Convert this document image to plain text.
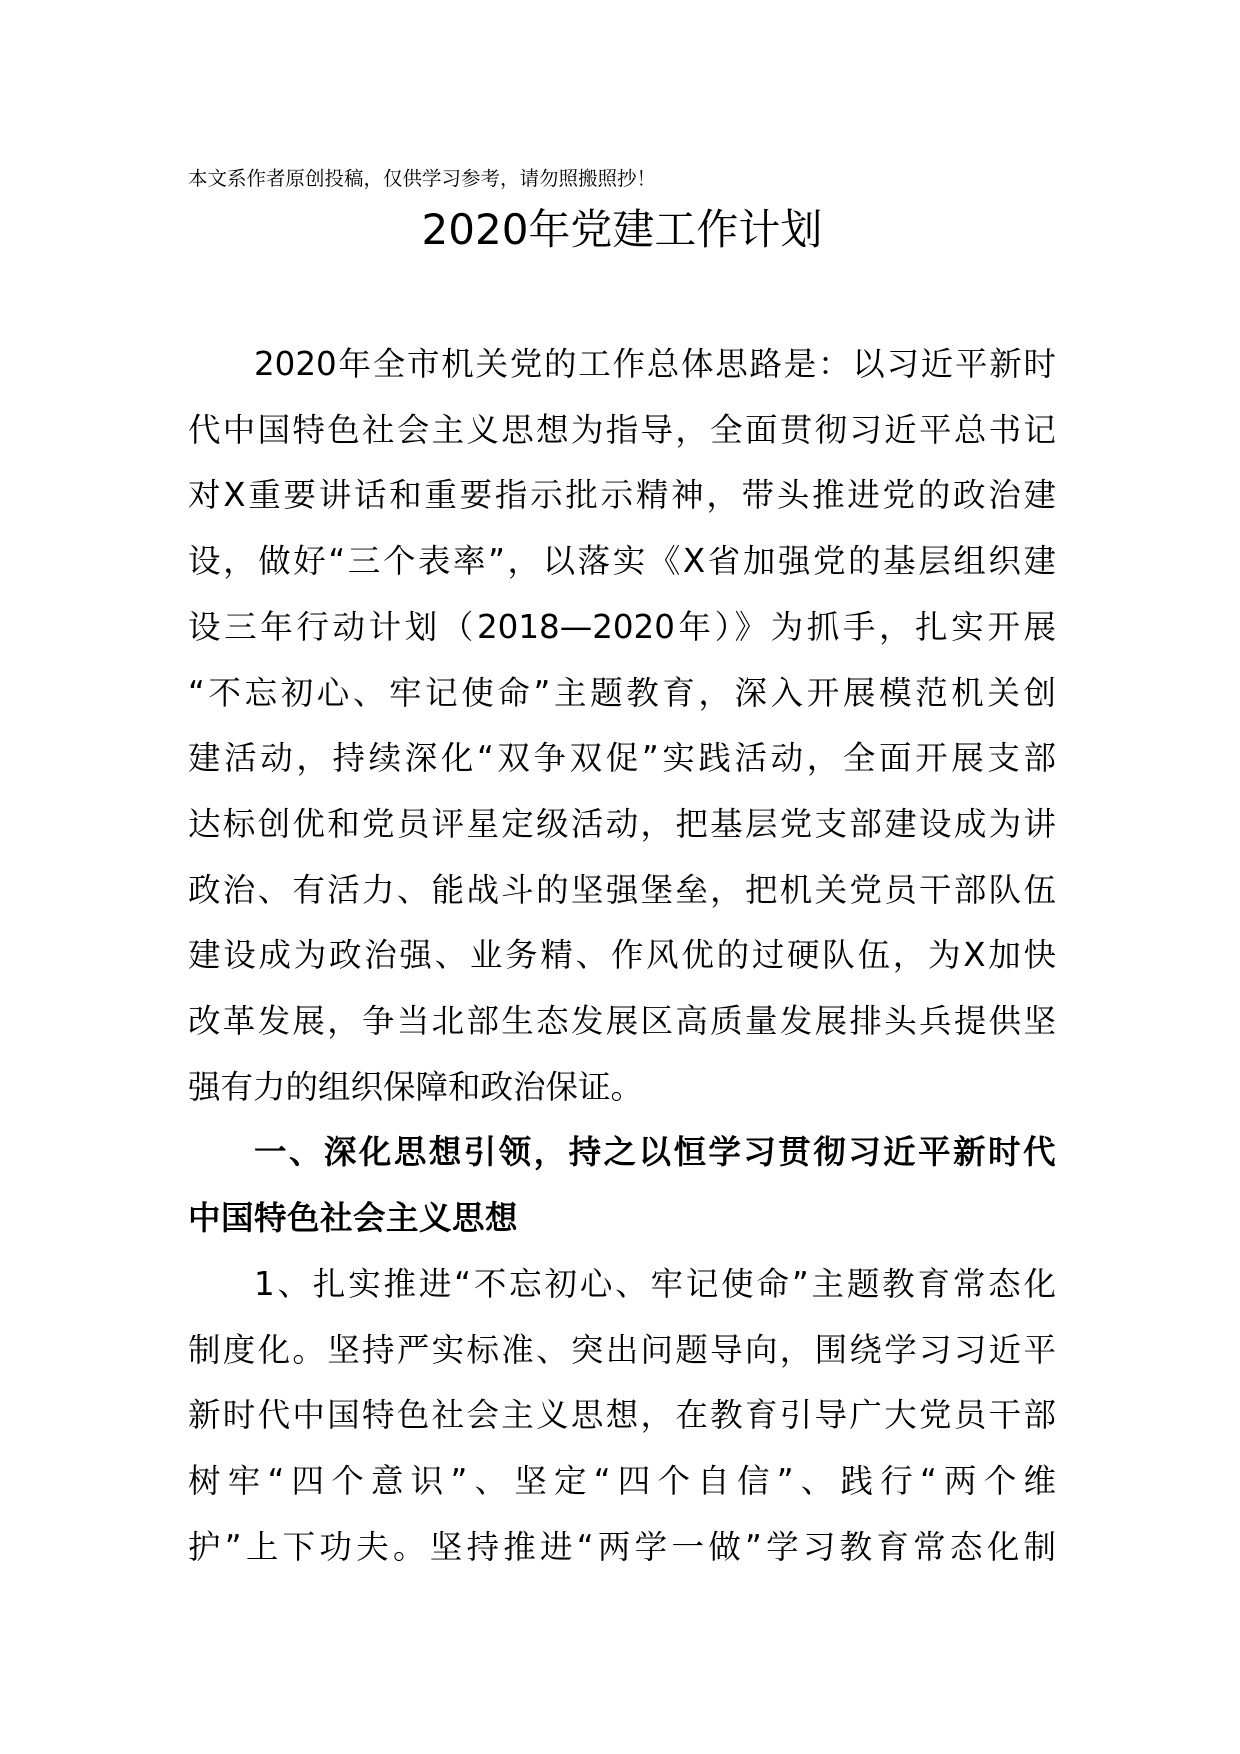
本文系作者原创投稿，仅供学习参考，请勿照搬照抄！
2020年党建工作计划
2020年全市机关党的工作总体思路是：以习近平新时
代中国特色社会主义思想为指导，全面贯彻习近平总书记
对X重要讲话和重要指示批示精神，带头推进党的政治建
设，做好“三个表率”，以落实《X省加强党的基层组织建
设三年行动计划（2018—2020年）》为抓手，扎实开展
“不忘初心、牢记使命”主题教育，深入开展模范机关创
建活动，持续深化“双争双促”实践活动，全面开展支部
达标创优和党员评星定级活动，把基层党支部建设成为讲
政治、有活力、能战斗的坚强堡垒，把机关党员干部队伍
建设成为政治强、业务精、作风优的过硬队伍，为X加快
改革发展，争当北部生态发展区高质量发展排头兵提供坚
强有力的组织保障和政治保证。
一、深化思想引领，持之以恒学习贯彻习近平新时代
中国特色社会主义思想
1、扎实推进“不忘初心、牢记使命”主题教育常态化
制度化。坚持严实标准、突出问题导向，围绕学习习近平
新时代中国特色社会主义思想，在教育引导广大党员干部
树牢“四个意识”、坚定“四个自信”、践行“两个维
护”上下功夫。坚持推进“两学一做”学习教育常态化制
